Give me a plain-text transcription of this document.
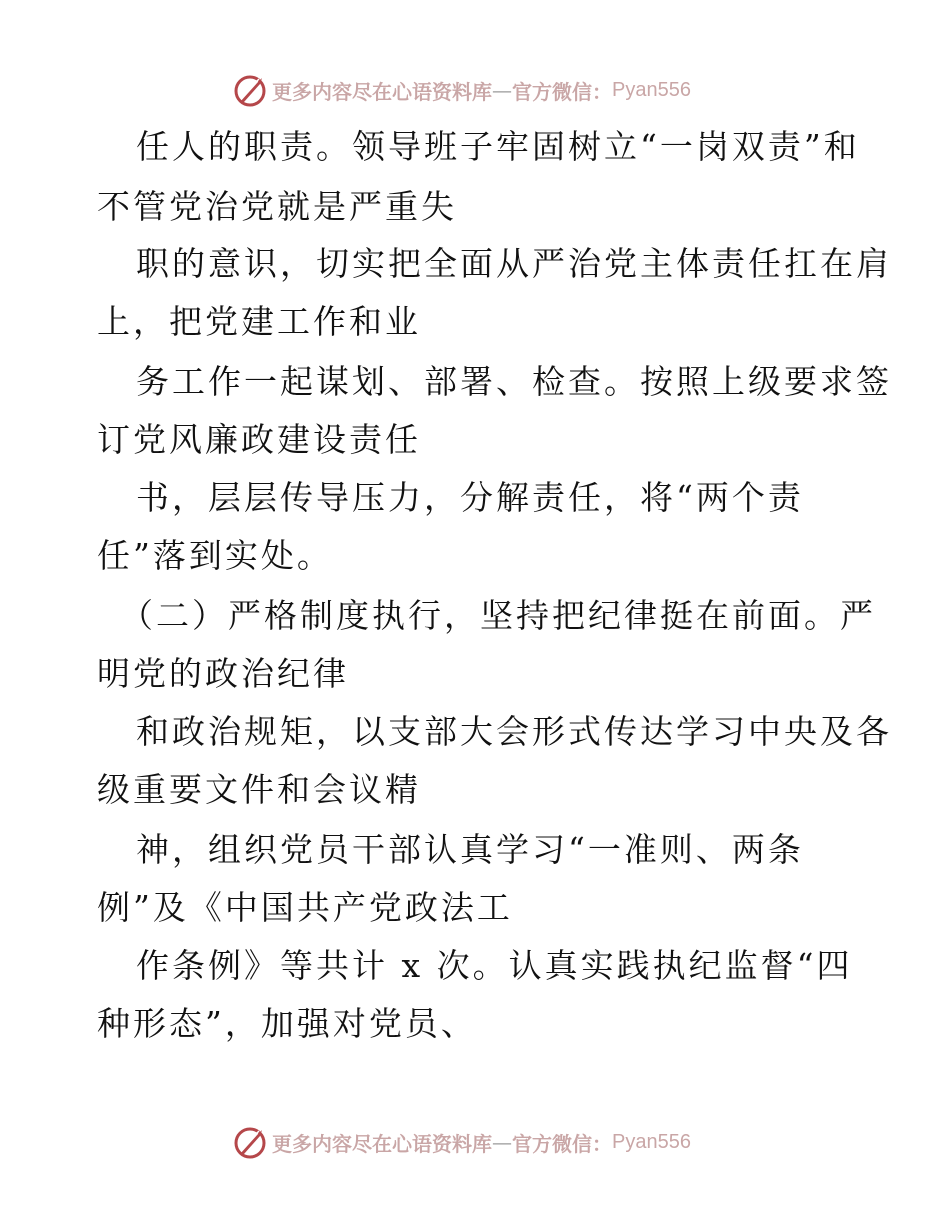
更多内容尽在心语资料库 — 官方微信： Pyan556
任人的职责。领导班子牢固树立“一岗双责”和
不管党治党就是严重失
职的意识，切实把全面从严治党主体责任扛在肩
上，把党建工作和业
务工作一起谋划、部署、检查。按照上级要求签
订党风廉政建设责任
书，层层传导压力，分解责任，将“两个责
任”落到实处。
（二）严格制度执行，坚持把纪律挺在前面。严
明党的政治纪律
和政治规矩，以支部大会形式传达学习中央及各
级重要文件和会议精
神，组织党员干部认真学习“一准则、两条
例”及《中国共产党政法工
作条例》等共计 x 次。认真实践执纪监督“四
种形态”，加强对党员、
更多内容尽在心语资料库 — 官方微信： Pyan556
